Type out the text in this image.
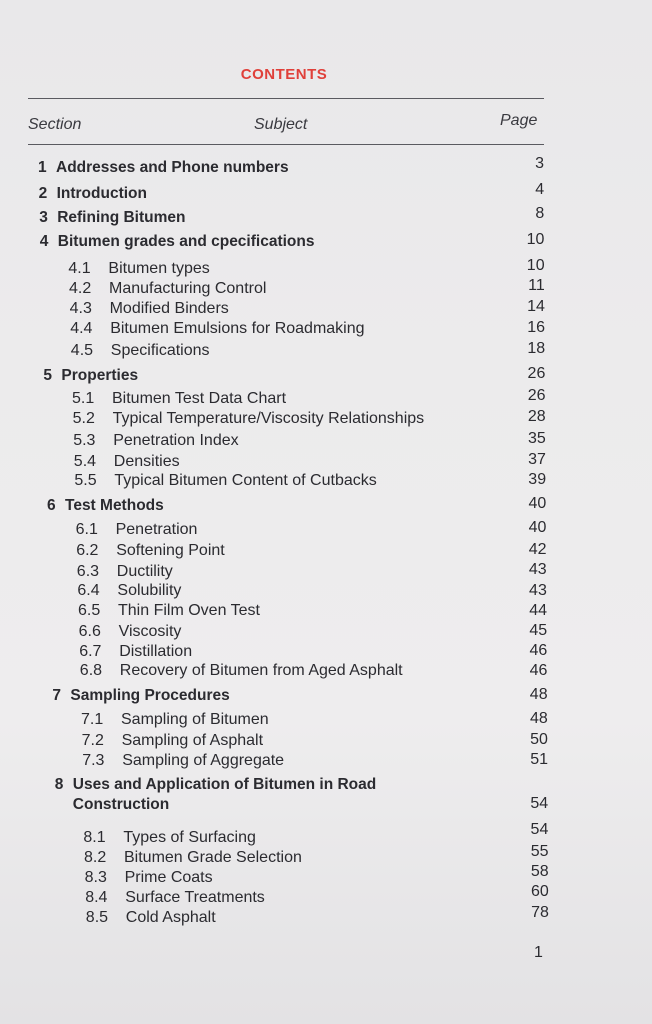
CONTENTS
Section	Subject	Page
1 Addresses and Phone numbers	3
2 Introduction	4
3 Refining Bitumen	8
4 Bitumen grades and cpecifications	10
4.1 Bitumen types	10
4.2 Manufacturing Control	11
4.3 Modified Binders	14
4.4 Bitumen Emulsions for Roadmaking	16
4.5 Specifications	18
5 Properties	26
5.1 Bitumen Test Data Chart	26
5.2 Typical Temperature/Viscosity Relationships	28
5.3 Penetration Index	35
5.4 Densities	37
5.5 Typical Bitumen Content of Cutbacks	39
6 Test Methods	40
6.1 Penetration	40
6.2 Softening Point	42
6.3 Ductility	43
6.4 Solubility	43
6.5 Thin Film Oven Test	44
6.6 Viscosity	45
6.7 Distillation	46
6.8 Recovery of Bitumen from Aged Asphalt	46
7 Sampling Procedures	48
7.1 Sampling of Bitumen	48
7.2 Sampling of Asphalt	50
7.3 Sampling of Aggregate	51
8 Uses and Application of Bitumen in Road
Construction	54
8.1 Types of Surfacing	54
8.2 Bitumen Grade Selection	55
8.3 Prime Coats	58
8.4 Surface Treatments	60
8.5 Cold Asphalt	78
1
